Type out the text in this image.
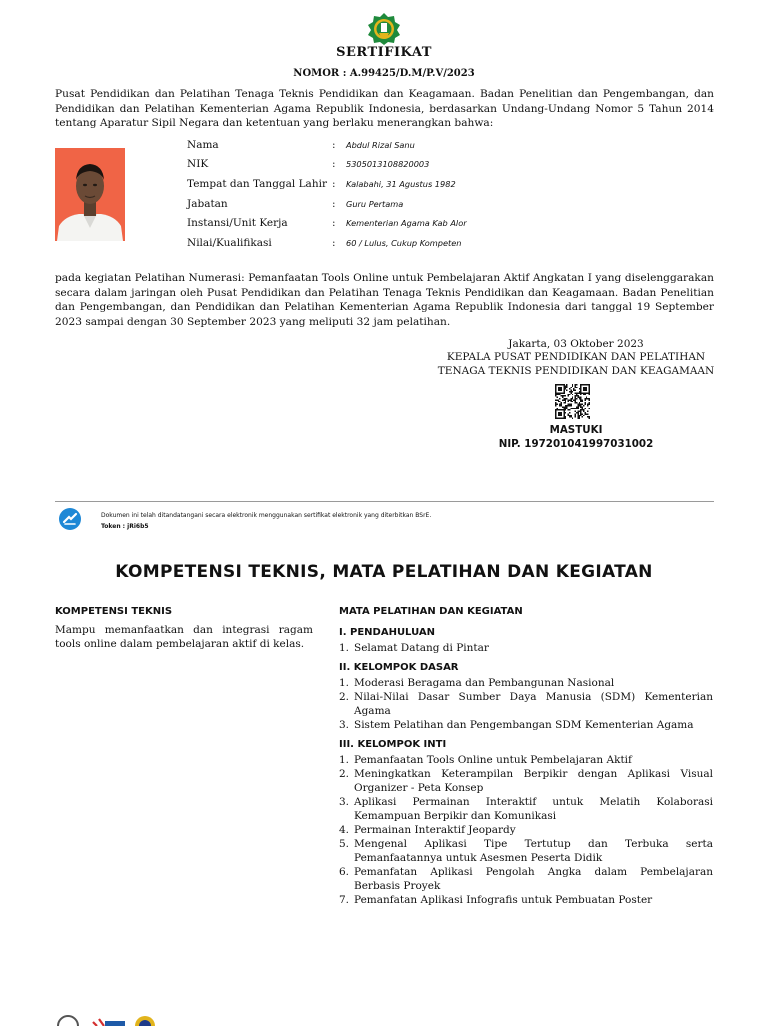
SERTIFIKAT
NOMOR : A.99425/D.M/P.V/2023
Pusat Pendidikan dan Pelatihan Tenaga Teknis Pendidikan dan Keagamaan. Badan Penelitian dan Pengembangan, dan Pendidikan dan Pelatihan Kementerian Agama Republik Indonesia, berdasarkan Undang-Undang Nomor 5 Tahun 2014 tentang Aparatur Sipil Negara dan ketentuan yang berlaku menerangkan bahwa:
Nama	:	Abdul Rizal Sanu
NIK	:	5305013108820003
Tempat dan Tanggal Lahir :	Kalabahi, 31 Agustus 1982
Jabatan	:	Guru Pertama
Instansi/Unit Kerja	:	Kementerian Agama Kab Alor
Nilai/Kualifikasi	:	60 / Lulus, Cukup Kompeten
pada kegiatan Pelatihan Numerasi: Pemanfaatan Tools Online untuk Pembelajaran Aktif Angkatan I yang diselenggarakan secara dalam jaringan oleh Pusat Pendidikan dan Pelatihan Tenaga Teknis Pendidikan dan Keagamaan. Badan Penelitian dan Pengembangan, dan Pendidikan dan Pelatihan Kementerian Agama Republik Indonesia dari tanggal 19 September 2023 sampai dengan 30 September 2023 yang meliputi 32 jam pelatihan.
Jakarta, 03 Oktober 2023
KEPALA PUSAT PENDIDIKAN DAN PELATIHAN
TENAGA TEKNIS PENDIDIKAN DAN KEAGAMAAN
MASTUKI
NIP. 197201041997031002
Dokumen ini telah ditandatangani secara elektronik menggunakan sertifikat elektronik yang diterbitkan BSrE.
Token : jRi6b5
KOMPETENSI TEKNIS, MATA PELATIHAN DAN KEGIATAN
KOMPETENSI TEKNIS
Mampu memanfaatkan dan integrasi ragam tools online dalam pembelajaran aktif di kelas.
MATA PELATIHAN DAN KEGIATAN
I. PENDAHULUAN
1. Selamat Datang di Pintar
II. KELOMPOK DASAR
1. Moderasi Beragama dan Pembangunan Nasional
2. Nilai-Nilai Dasar Sumber Daya Manusia (SDM) Kementerian Agama
3. Sistem Pelatihan dan Pengembangan SDM Kementerian Agama
III. KELOMPOK INTI
1. Pemanfaatan Tools Online untuk Pembelajaran Aktif
2. Meningkatkan Keterampilan Berpikir dengan Aplikasi Visual Organizer - Peta Konsep
3. Aplikasi Permainan Interaktif untuk Melatih Kolaborasi Kemampuan Berpikir dan Komunikasi
4. Permainan Interaktif Jeopardy
5. Mengenal Aplikasi Tipe Tertutup dan Terbuka serta Pemanfaatannya untuk Asesmen Peserta Didik
6. Pemanfatan Aplikasi Pengolah Angka dalam Pembelajaran Berbasis Proyek
7. Pemanfatan Aplikasi Infografis untuk Pembuatan Poster
